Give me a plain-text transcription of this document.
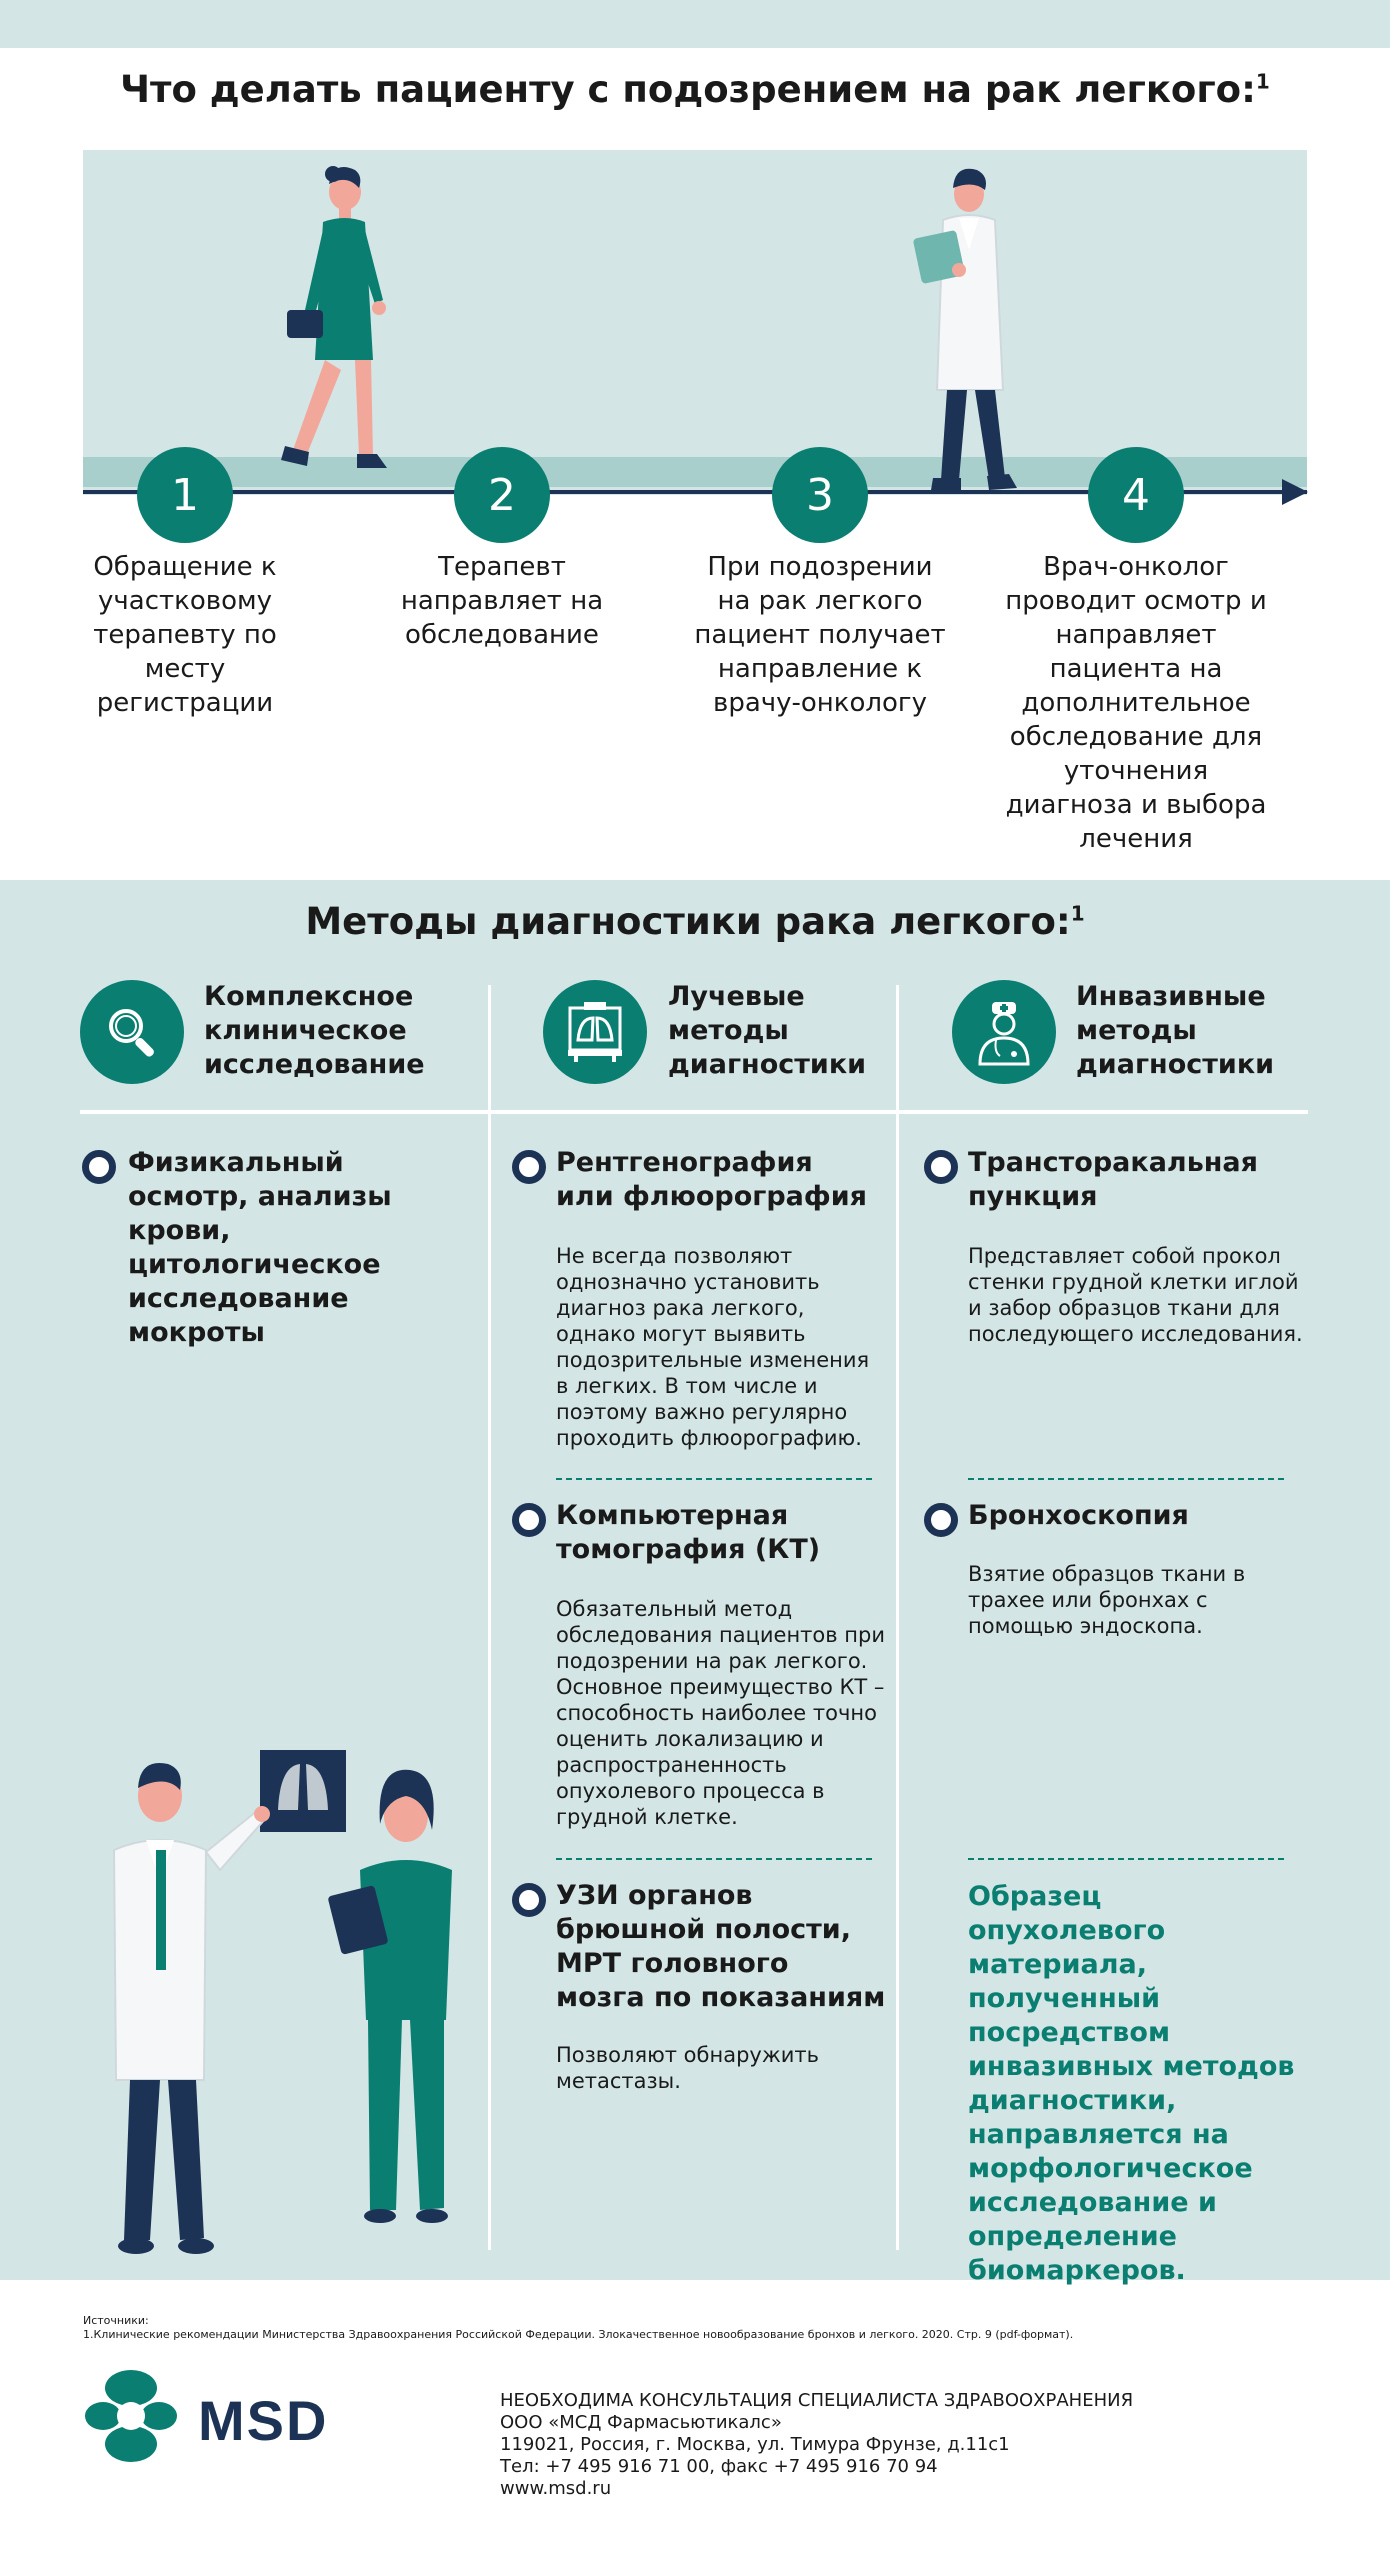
Что делать пациенту с подозрением на рак легкого:$^1$
1	2	3	4
Обращение к участковому терапевту по месту регистрации
Терапевт направляет на обследование
При подозрении на рак легкого пациент получает направление к врачу-онкологу
Врач-онколог проводит осмотр и направляет пациента на дополнительное обследование для уточнения диагноза и выбора лечения
Методы диагностики рака легкого:$^1$
Комплексное клиническое исследование
Лучевые методы диагностики
Инвазивные методы диагностики
Физикальный осмотр, анализы крови, цитологическое исследование мокроты
Рентгенография или флюорография
Не всегда позволяют однозначно установить диагноз рака легкого, однако могут выявить подозрительные изменения в легких. В том числе и поэтому важно регулярно проходить флюорографию.
Компьютерная томография (КТ)
Обязательный метод обследования пациентов при подозрении на рак легкого. Основное преимущество КТ – способность наиболее точно оценить локализацию и распространенность опухолевого процесса в грудной клетке.
УЗИ органов брюшной полости, МРТ головного мозга по показаниям
Позволяют обнаружить метастазы.
Трансторакальная пункция
Представляет собой прокол стенки грудной клетки иглой и забор образцов ткани для последующего исследования.
Бронхоскопия
Взятие образцов ткани в трахее или бронхах с помощью эндоскопа.
Образец опухолевого материала, полученный посредством инвазивных методов диагностики, направляется на морфологическое исследование и определение биомаркеров.
Источники:
1.Клинические рекомендации Министерства Здравоохранения Российской Федерации. Злокачественное новообразование бронхов и легкого. 2020. Стр. 9 (pdf-формат).
MSD	НЕОБХОДИМА КОНСУЛЬТАЦИЯ СПЕЦИАЛИСТА ЗДРАВООХРАНЕНИЯ
ООО «МСД Фармасьютикалс»
119021, Россия, г. Москва, ул. Тимура Фрунзе, д.11с1
Тел: +7 495 916 71 00, факс +7 495 916 70 94
www.msd.ru
